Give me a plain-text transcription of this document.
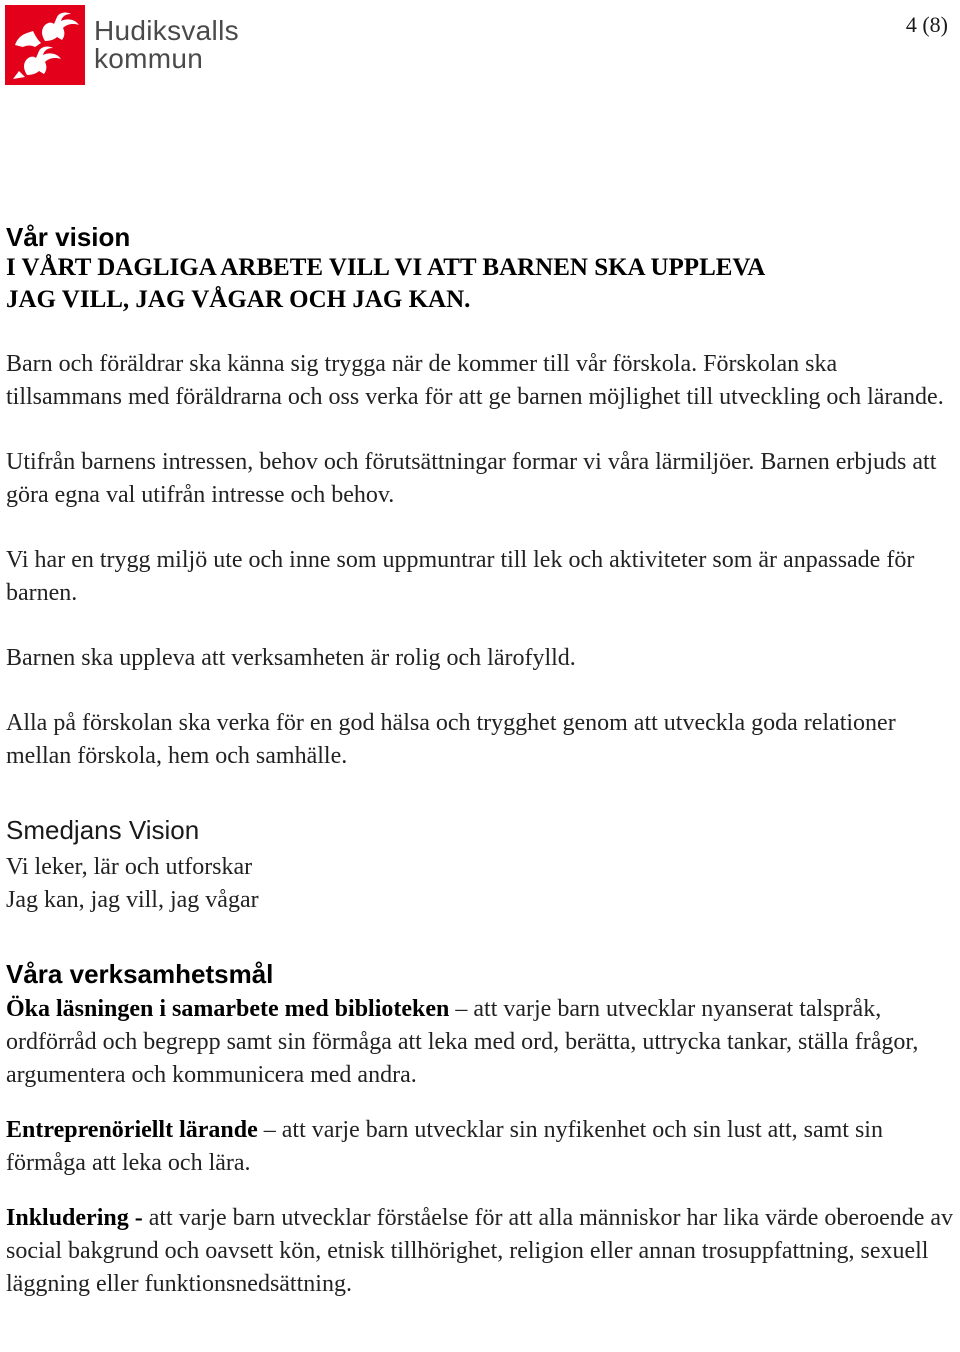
Hudiksvalls
kommun
4 (8)
Vår vision
I VÅRT DAGLIGA ARBETE VILL VI ATT BARNEN SKA UPPLEVA
JAG VILL, JAG VÅGAR OCH JAG KAN.

Barn och föräldrar ska känna sig trygga när de kommer till vår förskola. Förskolan ska tillsammans med föräldrarna och oss verka för att ge barnen möjlighet till utveckling och lärande.

Utifrån barnens intressen, behov och förutsättningar formar vi våra lärmiljöer. Barnen erbjuds att göra egna val utifrån intresse och behov.

Vi har en trygg miljö ute och inne som uppmuntrar till lek och aktiviteter som är anpassade för barnen.

Barnen ska uppleva att verksamheten är rolig och lärofylld.

Alla på förskolan ska verka för en god hälsa och trygghet genom att utveckla goda relationer mellan förskola, hem och samhälle.

Smedjans Vision

Vi leker, lär och utforskar

Jag kan, jag vill, jag vågar

Våra verksamhetsmål

Öka läsningen i samarbete med biblioteken – att varje barn utvecklar nyanserat talspråk, ordförråd och begrepp samt sin förmåga att leka med ord, berätta, uttrycka tankar, ställa frågor, argumentera och kommunicera med andra.

Entreprenöriellt lärande – att varje barn utvecklar sin nyfikenhet och sin lust att, samt sin förmåga att leka och lära.

Inkludering - att varje barn utvecklar förståelse för att alla människor har lika värde oberoende av social bakgrund och oavsett kön, etnisk tillhörighet, religion eller annan trosuppfattning, sexuell läggning eller funktionsnedsättning.
